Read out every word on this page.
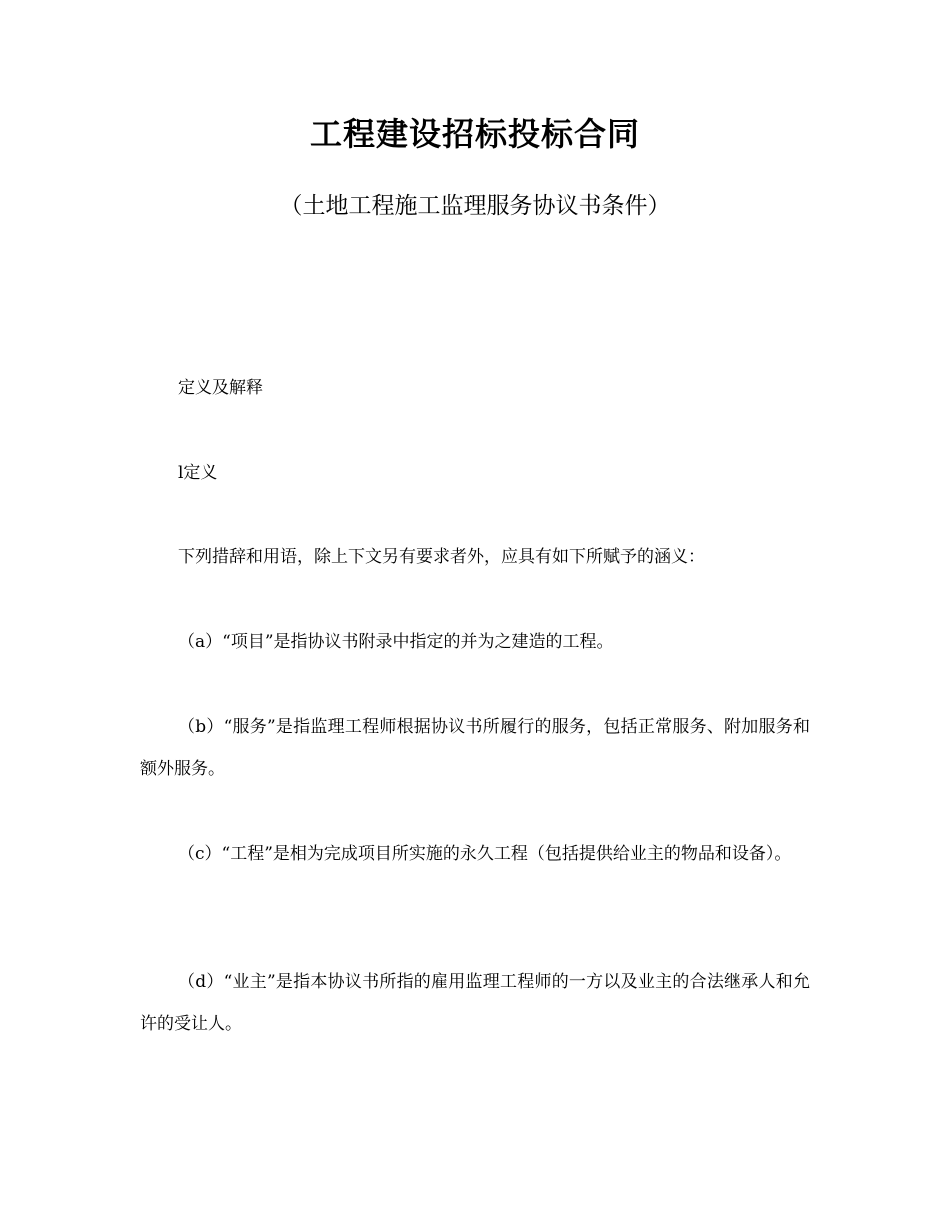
工程建设招标投标合同
（土地工程施工监理服务协议书条件）

定义及解释

l定义

下列措辞和用语，除上下文另有要求者外，应具有如下所赋予的涵义：

（a）“项目”是指协议书附录中指定的并为之建造的工程。

（b）“服务”是指监理工程师根据协议书所履行的服务，包括正常服务、附加服务和额外服务。

（c）“工程”是相为完成项目所实施的永久工程（包括提供给业主的物品和设备）。

（d）“业主”是指本协议书所指的雇用监理工程师的一方以及业主的合法继承人和允许的受让人。
